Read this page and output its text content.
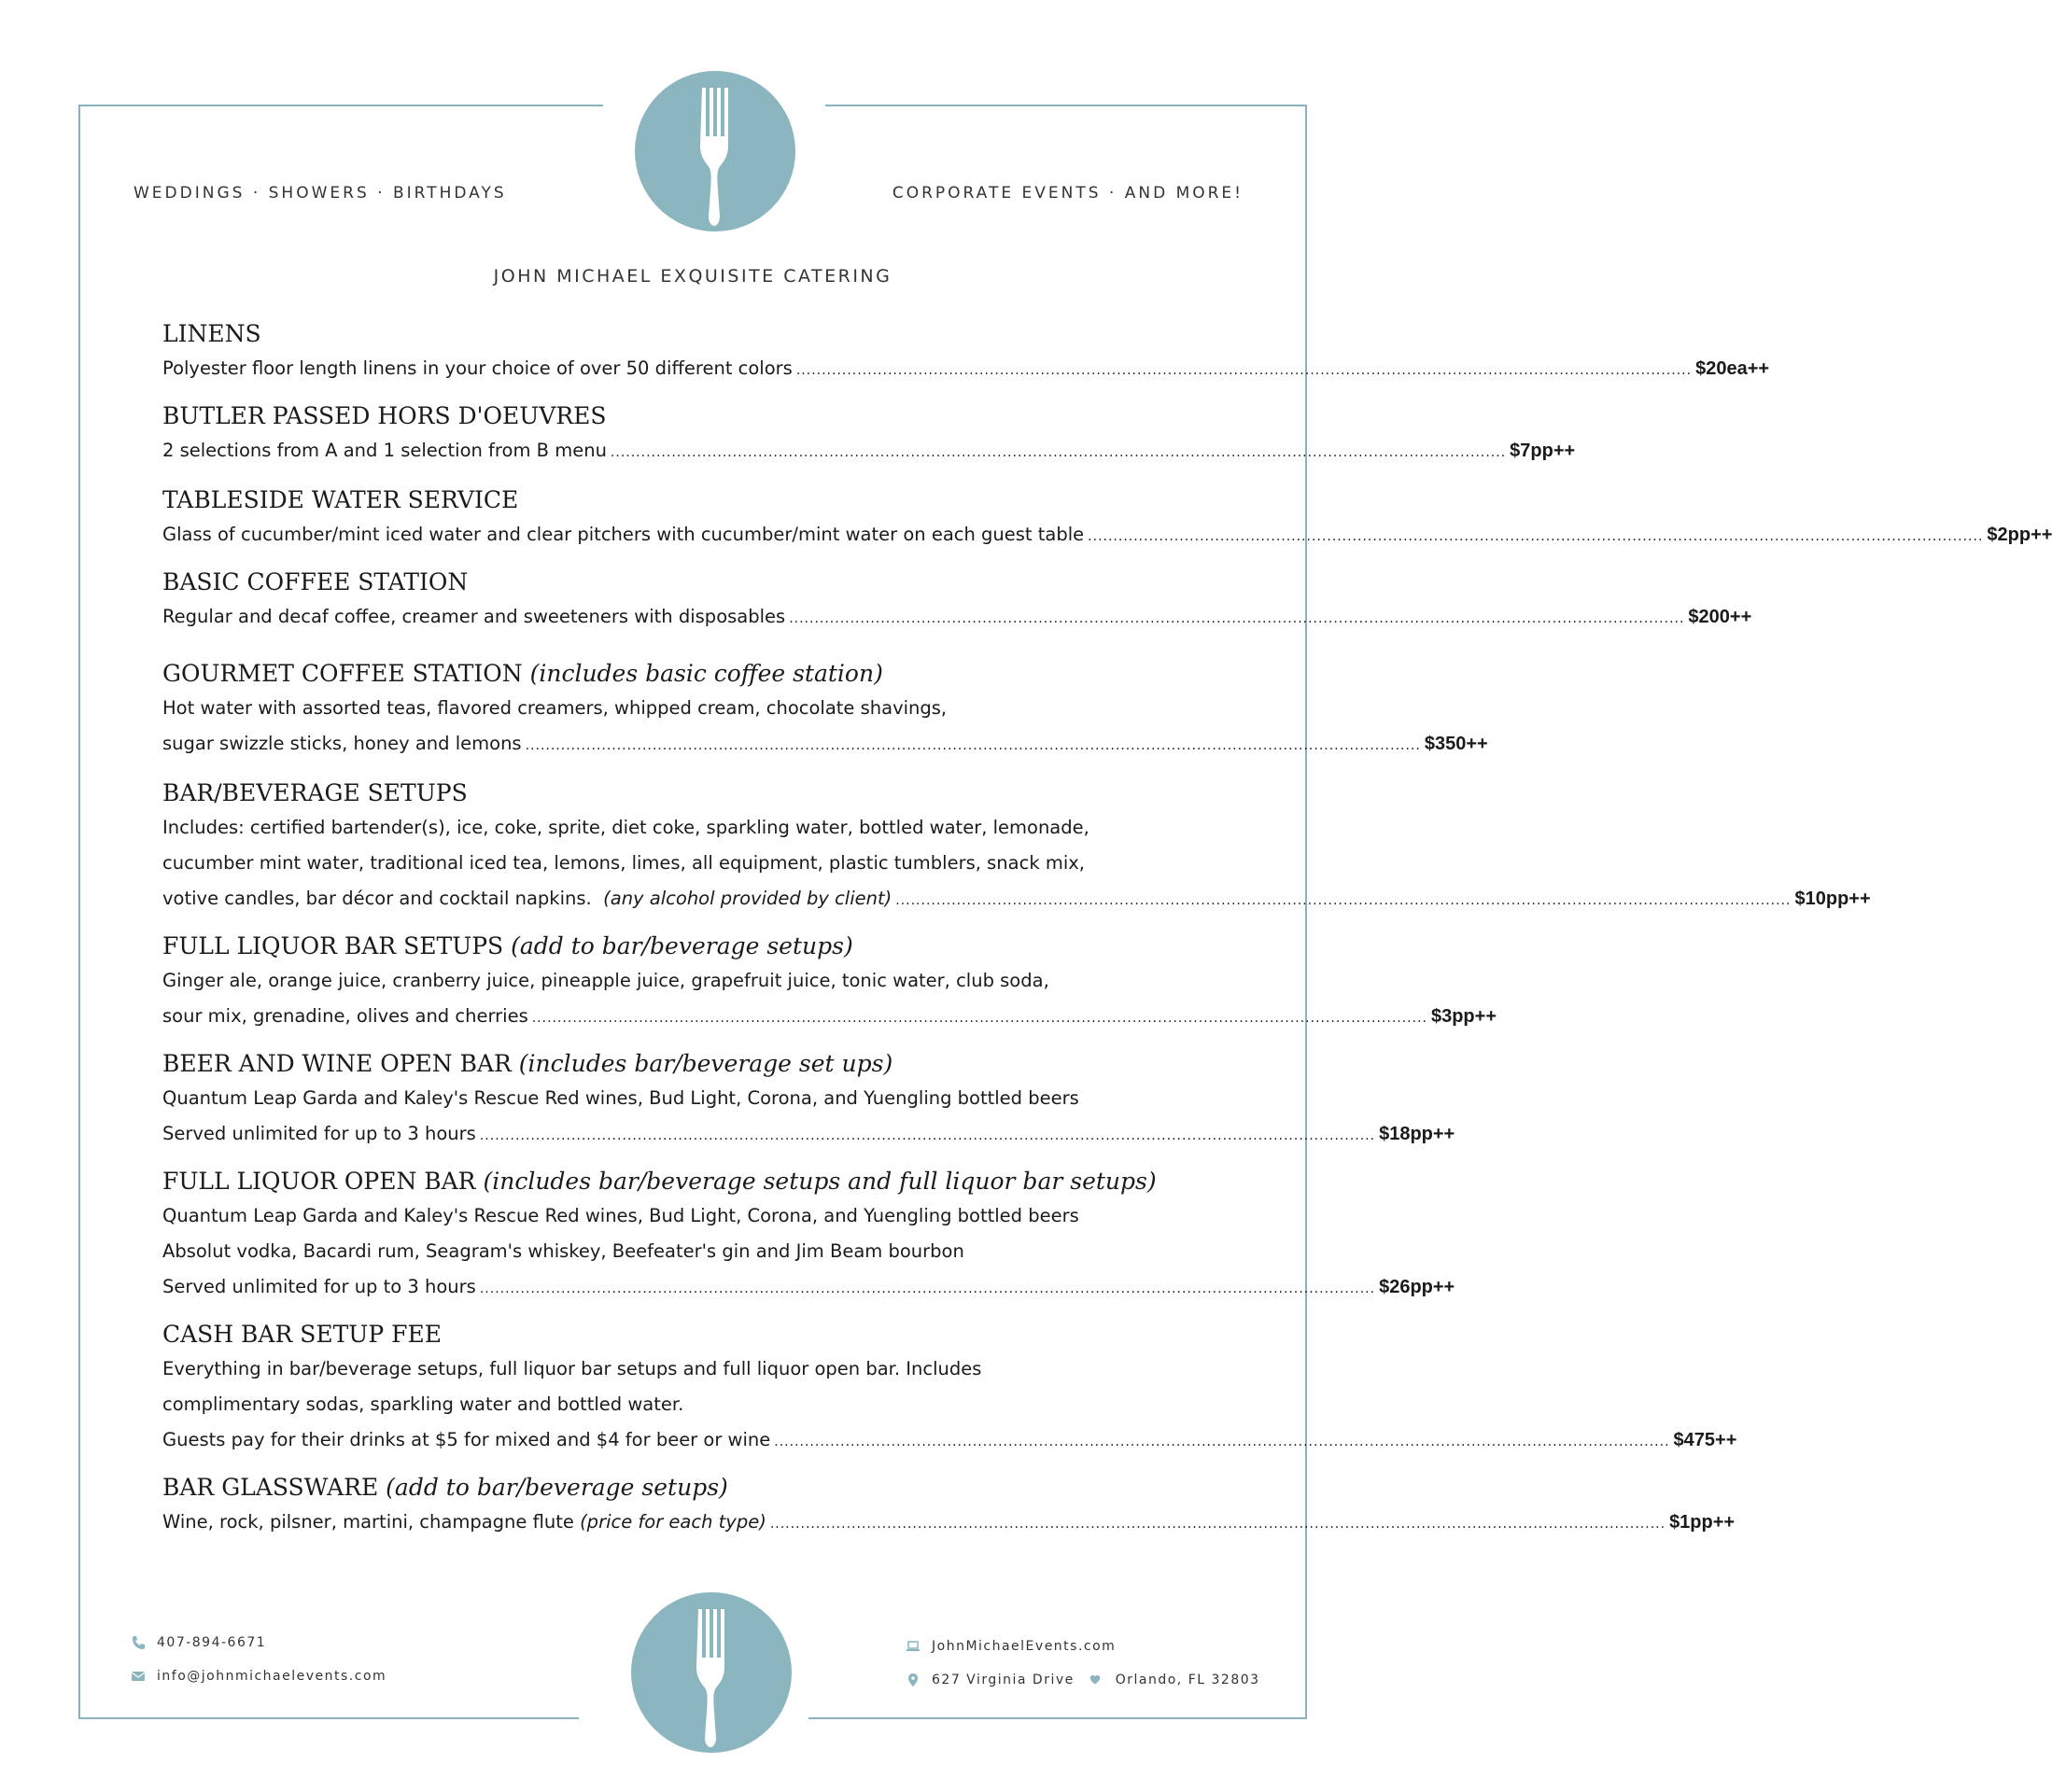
WEDDINGS · SHOWERS · BIRTHDAYS	CORPORATE EVENTS · AND MORE!
JOHN MICHAEL EXQUISITE CATERING
LINENS
Polyester floor length linens in your choice of over 50 different colors ................................................................................................................................................................................ $20ea++
BUTLER PASSED HORS D'OEUVRES
2 selections from A and 1 selection from B menu ................................................................................................................................................................................ $7pp++
TABLESIDE WATER SERVICE
Glass of cucumber/mint iced water and clear pitchers with cucumber/mint water on each guest table ................................................................................................................................................................................ $2pp++
BASIC COFFEE STATION
Regular and decaf coffee, creamer and sweeteners with disposables ................................................................................................................................................................................ $200++
GOURMET COFFEE STATION (includes basic coffee station)
Hot water with assorted teas, flavored creamers, whipped cream, chocolate shavings,
sugar swizzle sticks, honey and lemons ................................................................................................................................................................................ $350++
BAR/BEVERAGE SETUPS
Includes: certified bartender(s), ice, coke, sprite, diet coke, sparkling water, bottled water, lemonade,
cucumber mint water, traditional iced tea, lemons, limes, all equipment, plastic tumblers, snack mix,
votive candles, bar décor and cocktail napkins. (any alcohol provided by client) ................................................................................................................................................................................ $10pp++
FULL LIQUOR BAR SETUPS (add to bar/beverage setups)
Ginger ale, orange juice, cranberry juice, pineapple juice, grapefruit juice, tonic water, club soda,
sour mix, grenadine, olives and cherries ................................................................................................................................................................................ $3pp++
BEER AND WINE OPEN BAR (includes bar/beverage set ups)
Quantum Leap Garda and Kaley's Rescue Red wines, Bud Light, Corona, and Yuengling bottled beers
Served unlimited for up to 3 hours ................................................................................................................................................................................ $18pp++
FULL LIQUOR OPEN BAR (includes bar/beverage setups and full liquor bar setups)
Quantum Leap Garda and Kaley's Rescue Red wines, Bud Light, Corona, and Yuengling bottled beers
Absolut vodka, Bacardi rum, Seagram's whiskey, Beefeater's gin and Jim Beam bourbon
Served unlimited for up to 3 hours ................................................................................................................................................................................ $26pp++
CASH BAR SETUP FEE
Everything in bar/beverage setups, full liquor bar setups and full liquor open bar. Includes
complimentary sodas, sparkling water and bottled water.
Guests pay for their drinks at $5 for mixed and $4 for beer or wine ................................................................................................................................................................................ $475++
BAR GLASSWARE (add to bar/beverage setups)
Wine, rock, pilsner, martini, champagne flute (price for each type) ................................................................................................................................................................................ $1pp++
407-894-6671
info@johnmichaelevents.com
JohnMichaelEvents.com
627 Virginia Drive	Orlando, FL 32803
